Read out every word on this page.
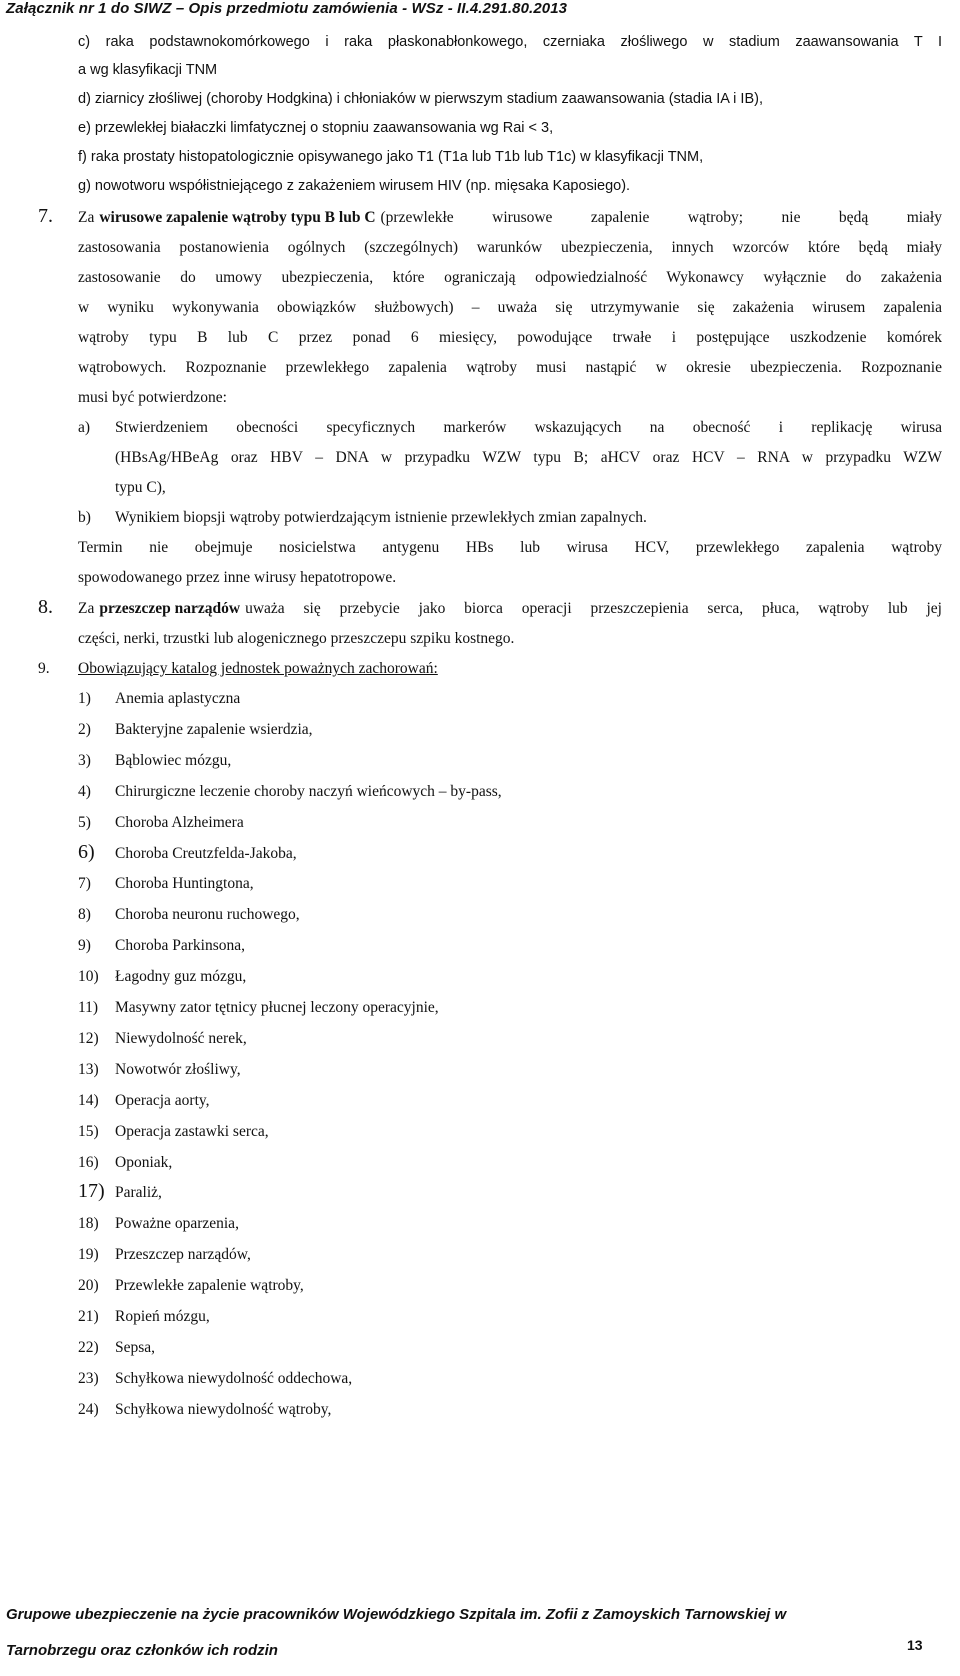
Załącznik nr 1 do SIWZ – Opis przedmiotu zamówienia - WSz - II.4.291.80.2013
c) raka podstawnokomórkowego i raka płaskonabłonkowego, czerniaka złośliwego w stadium zaawansowania T I
a wg klasyfikacji TNM
d) ziarnicy złośliwej (choroby Hodgkina) i chłoniaków w pierwszym stadium zaawansowania (stadia IA i IB),
e) przewlekłej białaczki limfatycznej o stopniu zaawansowania wg Rai < 3,
f) raka prostaty histopatologicznie opisywanego jako T1 (T1a lub T1b lub T1c) w klasyfikacji TNM,
g) nowotworu współistniejącego z zakażeniem wirusem HIV (np. mięsaka Kaposiego).
7. Za wirusowe zapalenie wątroby typu B lub C (przewlekłe wirusowe zapalenie wątroby; nie będą miały
zastosowania postanowienia ogólnych (szczególnych) warunków ubezpieczenia, innych wzorców które będą miały
zastosowanie do umowy ubezpieczenia, które ograniczają odpowiedzialność Wykonawcy wyłącznie do zakażenia
w wyniku wykonywania obowiązków służbowych) – uważa się utrzymywanie się zakażenia wirusem zapalenia
wątroby typu B lub C przez ponad 6 miesięcy, powodujące trwałe i postępujące uszkodzenie komórek
wątrobowych. Rozpoznanie przewlekłego zapalenia wątroby musi nastąpić w okresie ubezpieczenia. Rozpoznanie
musi być potwierdzone:
a) Stwierdzeniem obecności specyficznych markerów wskazujących na obecność i replikację wirusa
(HBsAg/HBeAg oraz HBV – DNA w przypadku WZW typu B; aHCV oraz HCV – RNA w przypadku WZW
typu C),
b) Wynikiem biopsji wątroby potwierdzającym istnienie przewlekłych zmian zapalnych.
Termin nie obejmuje nosicielstwa antygenu HBs lub wirusa HCV, przewlekłego zapalenia wątroby
spowodowanego przez inne wirusy hepatotropowe.
8. Za przeszczep narządów uważa się przebycie jako biorca operacji przeszczepienia serca, płuca, wątroby lub jej
części, nerki, trzustki lub alogenicznego przeszczepu szpiku kostnego.
9. Obowiązujący katalog jednostek poważnych zachorowań:
1) Anemia aplastyczna
2) Bakteryjne zapalenie wsierdzia,
3) Bąblowiec mózgu,
4) Chirurgiczne leczenie choroby naczyń wieńcowych – by-pass,
5) Choroba Alzheimera
6) Choroba Creutzfelda-Jakoba,
7) Choroba Huntingtona,
8) Choroba neuronu ruchowego,
9) Choroba Parkinsona,
10) Łagodny guz mózgu,
11) Masywny zator tętnicy płucnej leczony operacyjnie,
12) Niewydolność nerek,
13) Nowotwór złośliwy,
14) Operacja aorty,
15) Operacja zastawki serca,
16) Oponiak,
17) Paraliż,
18) Poważne oparzenia,
19) Przeszczep narządów,
20) Przewlekłe zapalenie wątroby,
21) Ropień mózgu,
22) Sepsa,
23) Schyłkowa niewydolność oddechowa,
24) Schyłkowa niewydolność wątroby,
Grupowe ubezpieczenie na życie pracowników Wojewódzkiego Szpitala im. Zofii z Zamoyskich Tarnowskiej w
Tarnobrzegu oraz członków ich rodzin	13
